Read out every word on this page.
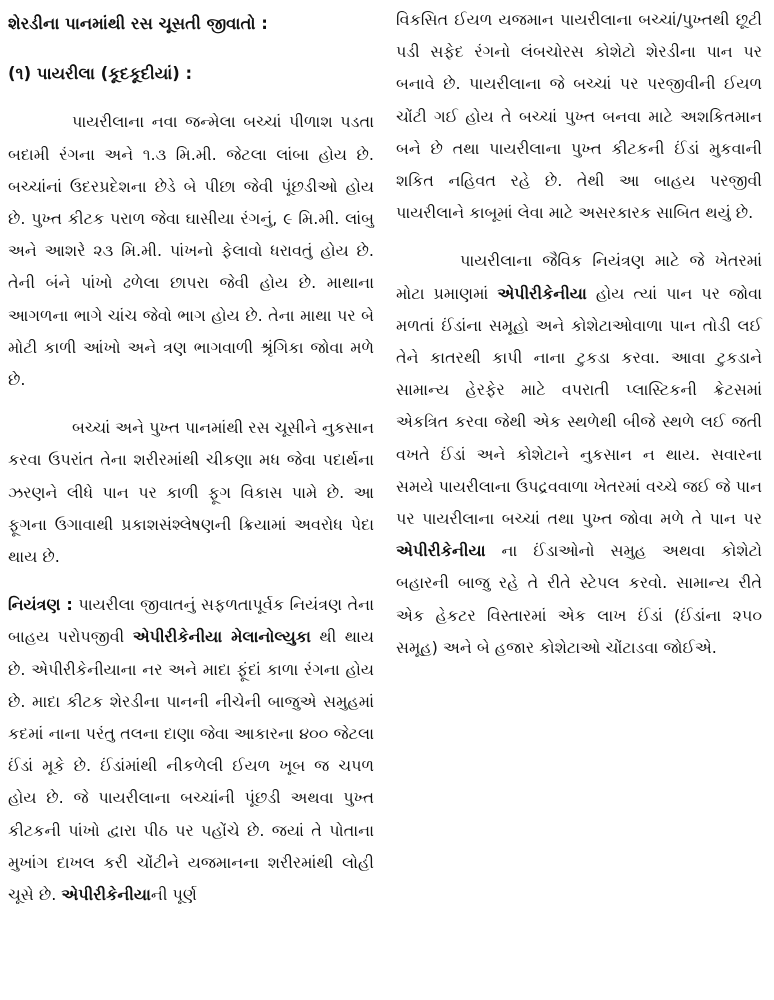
શેરડીના પાનમાંથી રસ ચૂસતી જીવાતો :

(૧) પાયરીલા (કૂદકૂદીયાં) :

પાયરીલાના નવા જન્મેલા બચ્ચાં પીળાશ પડતા બદામી રંગના અને ૧.૩ મિ.મી. જેટલા લાંબા હોય છે. બચ્ચાંનાં ઉદરપ્રદેશના છેડે બે પીછા જેવી પૂંછડીઓ હોય છે. પુખ્ત કીટક પરાળ જેવા ઘાસીયા રંગનું, ૯ મિ.મી. લાંબુ અને આશરે ૨૩ મિ.મી. પાંખનો ફેલાવો ધરાવતું હોય છે. તેની બંને પાંખો ઢળેલા છાપરા જેવી હોય છે. માથાના આગળના ભાગે ચાંચ જેવો ભાગ હોય છે. તેના માથા પર બે મોટી કાળી આંખો અને ત્રણ ભાગવાળી શ્રૃંગિકા જોવા મળે છે.

બચ્ચાં અને પુખ્ત પાનમાંથી રસ ચૂસીને નુકસાન કરવા ઉપરાંત તેના શરીરમાંથી ચીકણા મધ જેવા પદાર્થના ઝરણને લીધે પાન પર કાળી ફૂગ વિકાસ પામે છે. આ ફૂગના ઉગાવાથી પ્રકાશસંશ્લેષણની ક્રિયામાં અવરોધ પેદા થાય છે.

નિયંત્રણ : પાયરીલા જીવાતનું સફળતાપૂર્વક નિયંત્રણ તેના બાહય પરોપજીવી એપીરીકેનીયા મેલાનોલ્યુકા થી થાય છે. એપીરીકેનીયાના નર અને માદા ફૂંદાં કાળા રંગના હોય છે. માદા કીટક શેરડીના પાનની નીચેની બાજુએ સમુહમાં કદમાં નાના પરંતુ તલના દાણા જેવા આકારના ૪૦૦ જેટલા ઈંડાં મૂકે છે. ઈંડાંમાંથી નીકળેલી ઈયળ ખૂબ જ ચપળ હોય છે. જે પાયરીલાના બચ્ચાંની પૂંછડી અથવા પુખ્ત કીટકની પાંખો દ્વારા પીઠ પર પહોંચે છે. જયાં તે પોતાના મુખાંગ દાખલ કરી ચોંટીને યજમાનના શરીરમાંથી લોહી ચૂસે છે. એપીરીકેનીયાની પૂર્ણ

વિકસિત ઈયળ યજમાન પાયરીલાના બચ્ચાં/પુખ્તથી છૂટી પડી સફેદ રંગનો લંબચોરસ કોશેટો શેરડીના પાન પર બનાવે છે. પાયરીલાના જે બચ્ચાં પર પરજીવીની ઈયળ ચોંટી ગઈ હોય તે બચ્ચાં પુખ્ત બનવા માટે અશકિતમાન બને છે તથા પાયરીલાના પુખ્ત કીટકની ઈંડાં મુકવાની શકિત નહિવત રહે છે. તેથી આ બાહય પરજીવી પાયરીલાને કાબૂમાં લેવા માટે અસરકારક સાબિત થયું છે.

પાયરીલાના જૈવિક નિયંત્રણ માટે જે ખેતરમાં મોટા પ્રમાણમાં એપીરીકેનીયા હોય ત્યાં પાન પર જોવા મળતાં ઈંડાંના સમૂહો અને કોશેટાઓવાળા પાન તોડી લઈ તેને કાતરથી કાપી નાના ટુકડા કરવા. આવા ટુકડાને સામાન્ય હેરફેર માટે વપરાતી પ્લાસ્ટિકની ક્રેટસમાં એકત્રિત કરવા જેથી એક સ્થળેથી બીજે સ્થળે લઈ જતી વખતે ઈંડાં અને કોશેટાને નુકસાન ન થાય. સવારના સમયે પાયરીલાના ઉપદ્રવવાળા ખેતરમાં વચ્ચે જઈ જે પાન પર પાયરીલાના બચ્ચાં તથા પુખ્ત જોવા મળે તે પાન પર એપીરીકેનીયા ના ઈંડાઓનો સમુહ અથવા કોશેટો બહારની બાજુ રહે તે રીતે સ્ટેપલ કરવો. સામાન્ય રીતે એક હેકટર વિસ્તારમાં એક લાખ ઈંડાં (ઈંડાંના ૨૫૦ સમૂહ) અને બે હજાર કોશેટાઓ ચોંટાડવા જોઈએ.
